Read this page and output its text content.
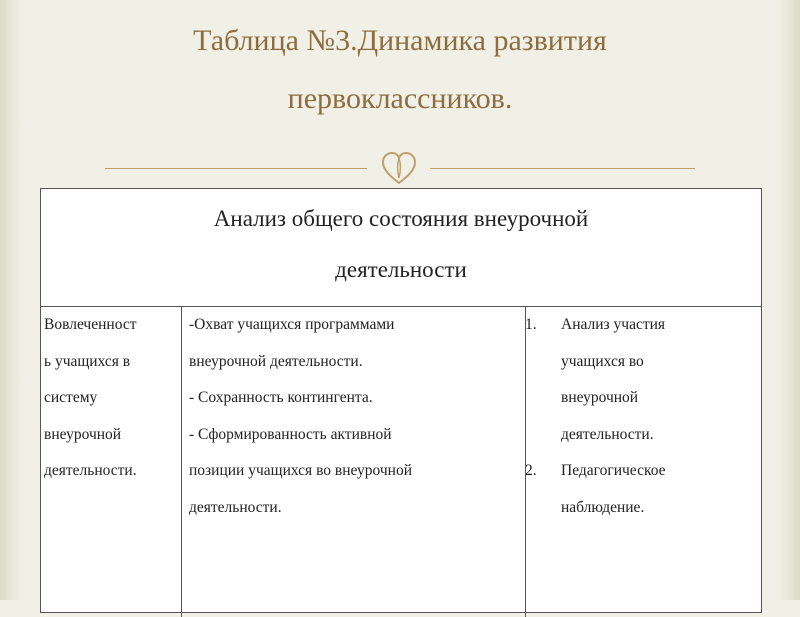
Таблица №3.Динамика развития
первоклассников.
Анализ общего состояния внеурочной
деятельности
Вовлеченност
ь учащихся в
систему
внеурочной
деятельности.
-Охват учащихся программами
внеурочной деятельности.
- Сохранность контингента.
- Сформированность активной
позиции учащихся во внеурочной
деятельности.
1. Анализ участия
учащихся во
внеурочной
деятельности.
2. Педагогическое
наблюдение.
